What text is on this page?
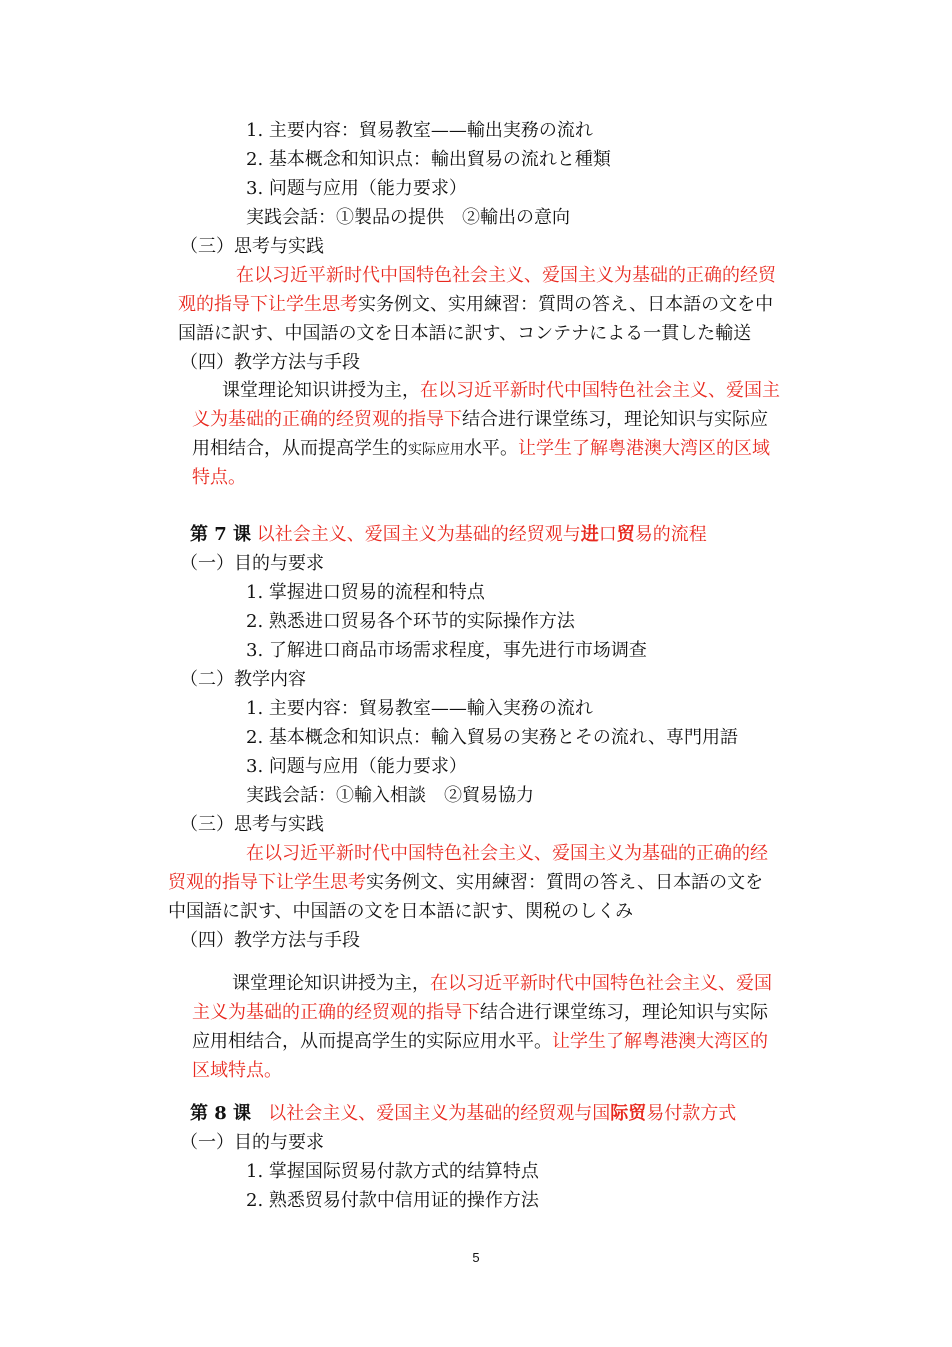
1. 主要内容：貿易教室——輸出実務の流れ
2. 基本概念和知识点：輸出貿易の流れと種類
3. 问题与应用（能力要求）
実践会話：①製品の提供　②輸出の意向
（三）思考与实践
在以习近平新时代中国特色社会主义、爱国主义为基础的正确的经贸
观的指导下让学生思考实务例文、实用練習：質問の答え、日本語の文を中
国語に訳す、中国語の文を日本語に訳す、コンテナによる一貫した輸送
（四）教学方法与手段
课堂理论知识讲授为主，在以习近平新时代中国特色社会主义、爱国主
义为基础的正确的经贸观的指导下结合进行课堂练习，理论知识与实际应
用相结合，从而提高学生的实际应用水平。让学生了解粤港澳大湾区的区域
特点。
第 7 课 以社会主义、爱国主义为基础的经贸观与进口贸易的流程
（一）目的与要求
1. 掌握进口贸易的流程和特点
2. 熟悉进口贸易各个环节的实际操作方法
3. 了解进口商品市场需求程度，事先进行市场调查
（二）教学内容
1. 主要内容：貿易教室——輸入実務の流れ
2. 基本概念和知识点：輸入貿易の実務とその流れ、専門用語
3. 问题与应用（能力要求）
実践会話：①輸入相談　②貿易協力
（三）思考与实践
在以习近平新时代中国特色社会主义、爱国主义为基础的正确的经
贸观的指导下让学生思考实务例文、实用練習：質問の答え、日本語の文を
中国語に訳す、中国語の文を日本語に訳す、関税のしくみ
（四）教学方法与手段
课堂理论知识讲授为主，在以习近平新时代中国特色社会主义、爱国
主义为基础的正确的经贸观的指导下结合进行课堂练习，理论知识与实际
应用相结合，从而提高学生的实际应用水平。让学生了解粤港澳大湾区的
区域特点。
第 8 课 以社会主义、爱国主义为基础的经贸观与国际贸易付款方式
（一）目的与要求
1. 掌握国际贸易付款方式的结算特点
2. 熟悉贸易付款中信用证的操作方法
5
